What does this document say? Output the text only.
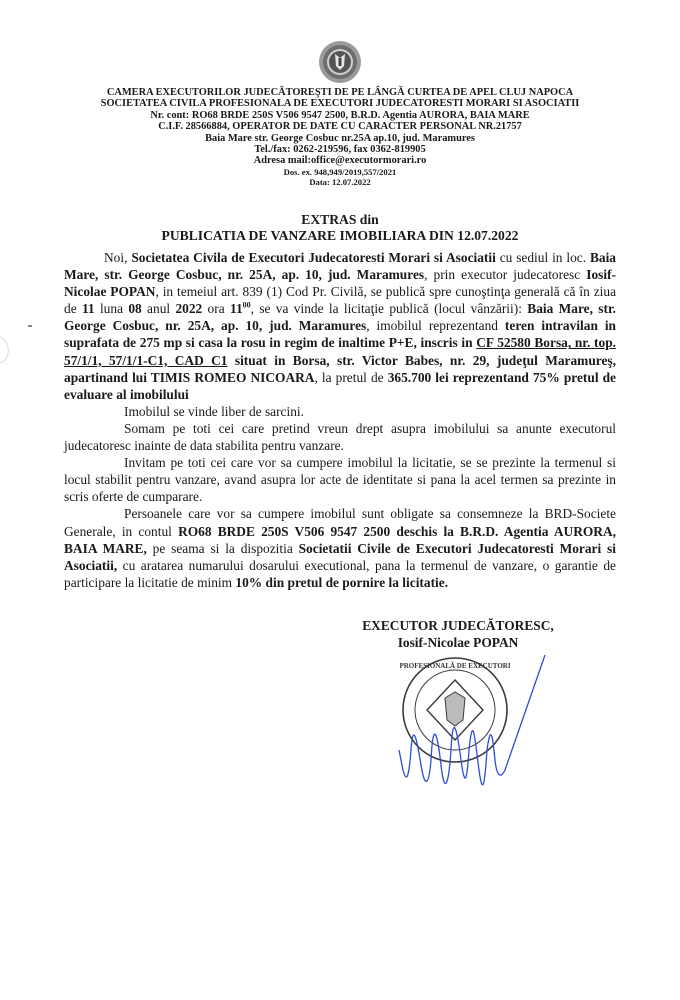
CAMERA EXECUTORILOR JUDECĂTOREŞTI DE PE LÂNGĂ CURTEA DE APEL CLUJ NAPOCA
SOCIETATEA CIVILA PROFESIONALA DE EXECUTORI JUDECATORESTI MORARI SI ASOCIATII
Nr. cont: RO68 BRDE 250S V506 9547 2500, B.R.D. Agentia AURORA, BAIA MARE
C.I.F. 28566884, OPERATOR DE DATE CU CARACTER PERSONAL NR.21757
Baia Mare str. George Cosbuc nr.25A ap.10, jud. Maramures
Tel./fax: 0262-219596, fax 0362-819905
Adresa mail:office@executormorari.ro
Dos. ex. 948,949/2019,557/2021
Data: 12.07.2022
EXTRAS din
PUBLICATIA DE VANZARE IMOBILIARA DIN 12.07.2022

Noi, Societatea Civila de Executori Judecatoresti Morari si Asociatii cu sediul in loc. Baia Mare, str. George Cosbuc, nr. 25A, ap. 10, jud. Maramures, prin executor judecatoresc Iosif-Nicolae POPAN, in temeiul art. 839 (1) Cod Pr. Civilă, se publică spre cunoştinţa generală că în ziua de 11 luna 08 anul 2022 ora $11^{00}$, se va vinde la licitaţie publică (locul vânzării): Baia Mare, str. George Cosbuc, nr. 25A, ap. 10, jud. Maramures, imobilul reprezentand teren intravilan in suprafata de 275 mp si casa la rosu in regim de inaltime P+E, inscris in CF 52580 Borsa, nr. top. 57/1/1, 57/1/1-C1, CAD C1 situat in Borsa, str. Victor Babes, nr. 29, judeţul Maramureş, apartinand lui TIMIS ROMEO NICOARA, la pretul de 365.700 lei reprezentand 75% pretul de evaluare al imobilului

Imobilul se vinde liber de sarcini.

Somam pe toti cei care pretind vreun drept asupra imobilului sa anunte executorul judecatoresc inainte de data stabilita pentru vanzare.

Invitam pe toti cei care vor sa cumpere imobilul la licitatie, se se prezinte la termenul si locul stabilit pentru vanzare, avand asupra lor acte de identitate si pana la acel termen sa prezinte in scris oferte de cumparare.

Persoanele care vor sa cumpere imobilul sunt obligate sa consemneze la BRD-Societe Generale, in contul RO68 BRDE 250S V506 9547 2500 deschis la B.R.D. Agentia AURORA, BAIA MARE, pe seama si la dispozitia Societatii Civile de Executori Judecatoresti Morari si Asociatii, cu aratarea numarului dosarului executional, pana la termenul de vanzare, o garantie de participare la licitatie de minim 10% din pretul de pornire la licitatie.

EXECUTOR JUDECĂTORESC,
Iosif-Nicolae POPAN
PROFESIONALĂ DE EXECUTORI
